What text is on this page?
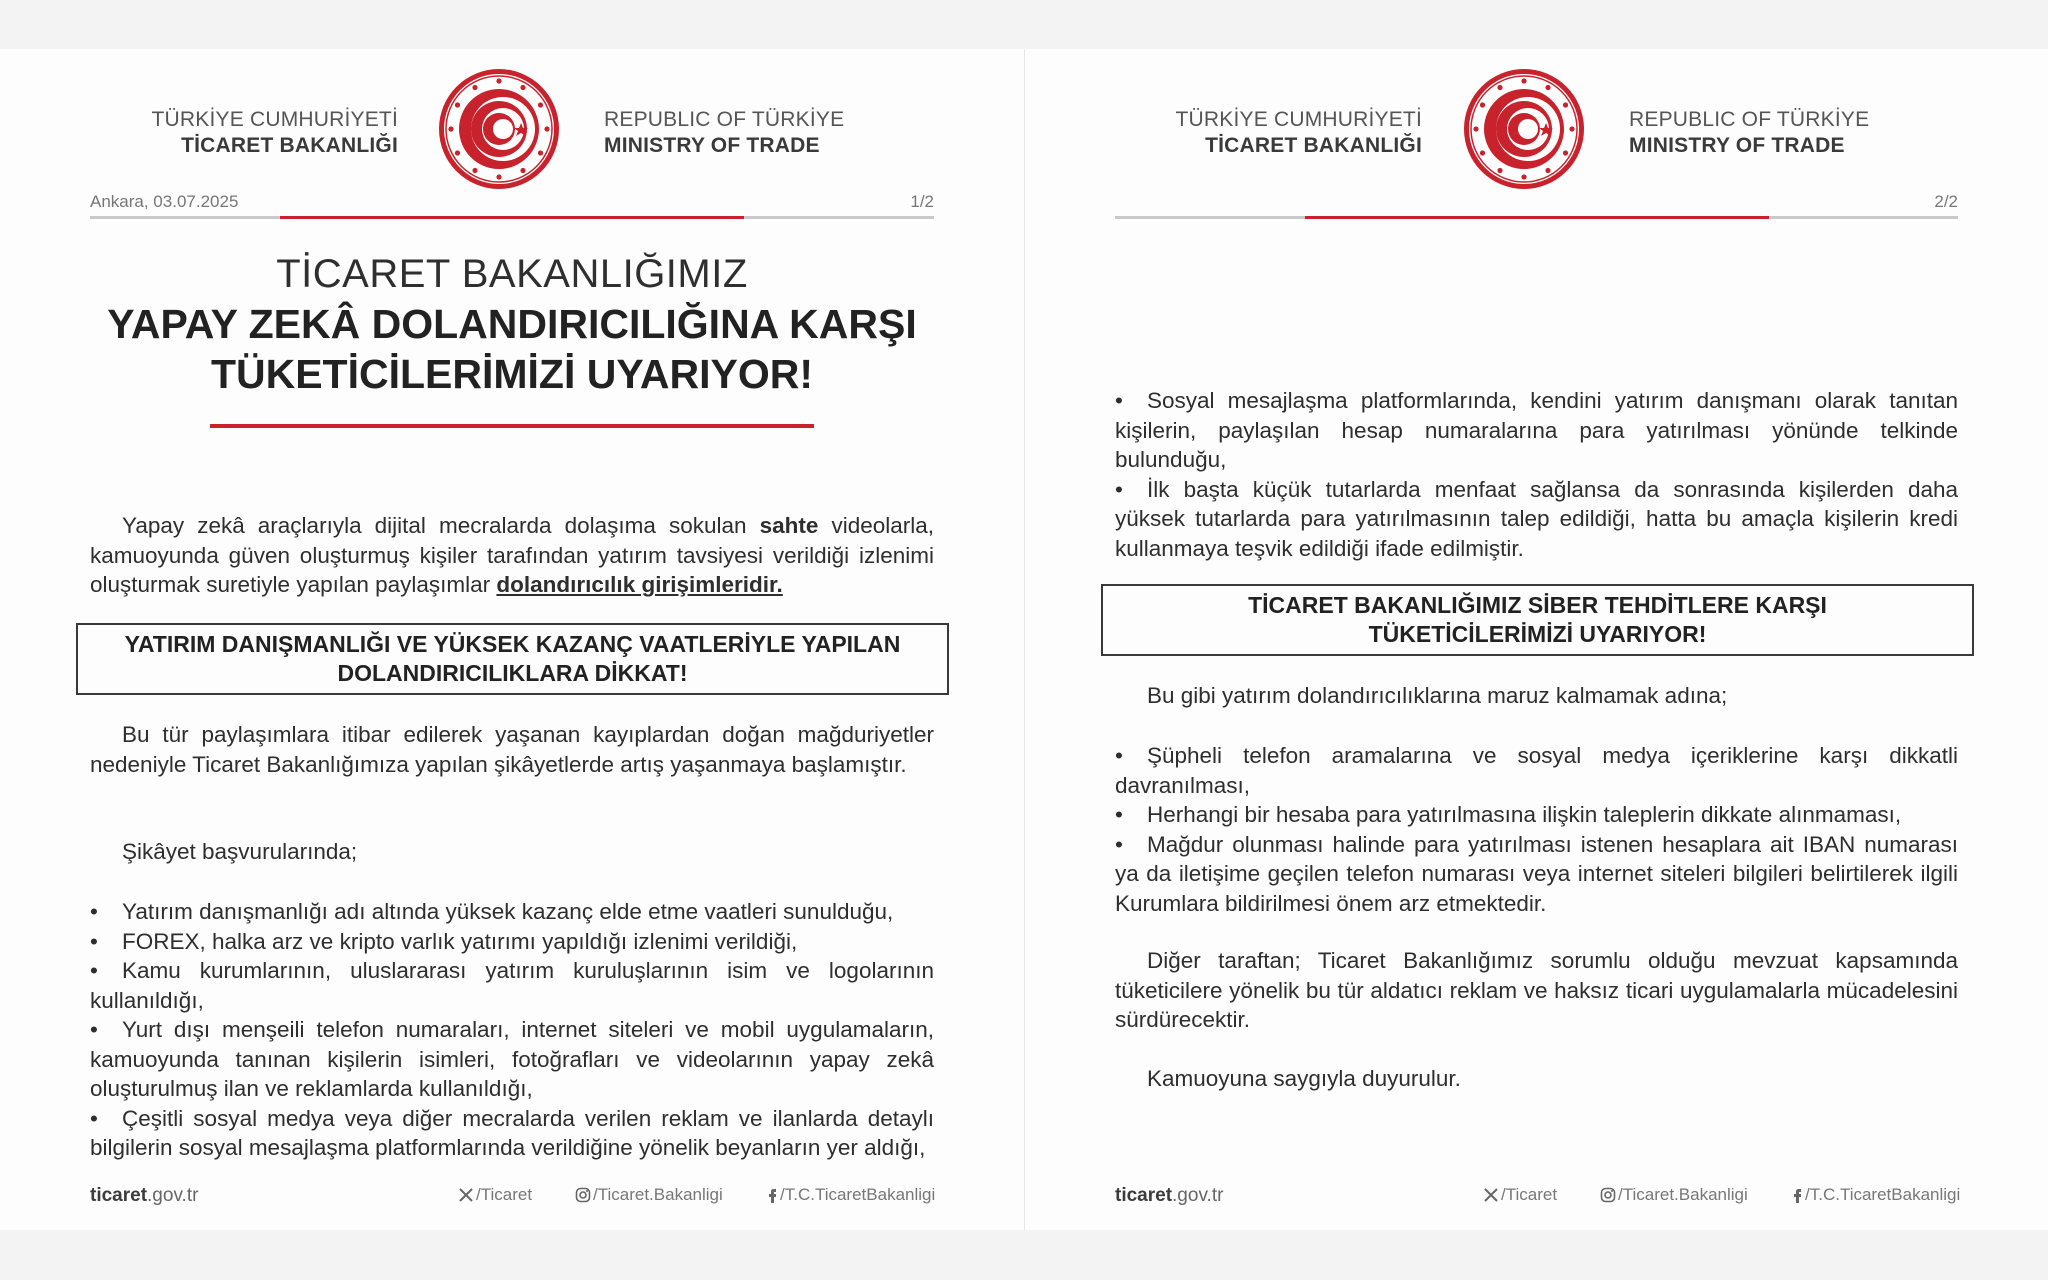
TÜRKİYE CUMHURİYETİ
TİCARET BAKANLIĞI
REPUBLIC OF TÜRKİYE
MINISTRY OF TRADE
Ankara, 03.07.2025	1/2
TİCARET BAKANLIĞIMIZ
YAPAY ZEKÂ DOLANDIRICILIĞINA KARŞI
TÜKETİCİLERİMİZİ UYARIYOR!

Yapay zekâ araçlarıyla dijital mecralarda dolaşıma sokulan sahte videolarla, kamuoyunda güven oluşturmuş kişiler tarafından yatırım tavsiyesi verildiği izlenimi oluşturmak suretiyle yapılan paylaşımlar dolandırıcılık girişimleridir.

YATIRIM DANIŞMANLIĞI VE YÜKSEK KAZANÇ VAATLERİYLE YAPILAN
DOLANDIRICILIKLARA DİKKAT!

Bu tür paylaşımlara itibar edilerek yaşanan kayıplardan doğan mağduriyetler nedeniyle Ticaret Bakanlığımıza yapılan şikâyetlerde artış yaşanmaya başlamıştır.

Şikâyet başvurularında;

• Yatırım danışmanlığı adı altında yüksek kazanç elde etme vaatleri sunulduğu,

• FOREX, halka arz ve kripto varlık yatırımı yapıldığı izlenimi verildiği,

• Kamu kurumlarının, uluslararası yatırım kuruluşlarının isim ve logolarının kullanıldığı,

• Yurt dışı menşeili telefon numaraları, internet siteleri ve mobil uygulamaların, kamuoyunda tanınan kişilerin isimleri, fotoğrafları ve videolarının yapay zekâ oluşturulmuş ilan ve reklamlarda kullanıldığı,

• Çeşitli sosyal medya veya diğer mecralarda verilen reklam ve ilanlarda detaylı bilgilerin sosyal mesajlaşma platformlarında verildiğine yönelik beyanların yer aldığı,

ticaret.gov.tr	/Ticaret	/Ticaret.Bakanligi	/T.C.TicaretBakanligi
TÜRKİYE CUMHURİYETİ
TİCARET BAKANLIĞI
REPUBLIC OF TÜRKİYE
MINISTRY OF TRADE
2/2

• Sosyal mesajlaşma platformlarında, kendini yatırım danışmanı olarak tanıtan kişilerin, paylaşılan hesap numaralarına para yatırılması yönünde telkinde bulunduğu,

• İlk başta küçük tutarlarda menfaat sağlansa da sonrasında kişilerden daha yüksek tutarlarda para yatırılmasının talep edildiği, hatta bu amaçla kişilerin kredi kullanmaya teşvik edildiği ifade edilmiştir.

TİCARET BAKANLIĞIMIZ SİBER TEHDİTLERE KARŞI
TÜKETİCİLERİMİZİ UYARIYOR!

Bu gibi yatırım dolandırıcılıklarına maruz kalmamak adına;

• Şüpheli telefon aramalarına ve sosyal medya içeriklerine karşı dikkatli davranılması,

• Herhangi bir hesaba para yatırılmasına ilişkin taleplerin dikkate alınmaması,

• Mağdur olunması halinde para yatırılması istenen hesaplara ait IBAN numarası ya da iletişime geçilen telefon numarası veya internet siteleri bilgileri belirtilerek ilgili Kurumlara bildirilmesi önem arz etmektedir.

Diğer taraftan; Ticaret Bakanlığımız sorumlu olduğu mevzuat kapsamında tüketicilere yönelik bu tür aldatıcı reklam ve haksız ticari uygulamalarla mücadelesini sürdürecektir.

Kamuoyuna saygıyla duyurulur.

ticaret.gov.tr	/Ticaret	/Ticaret.Bakanligi	/T.C.TicaretBakanligi
